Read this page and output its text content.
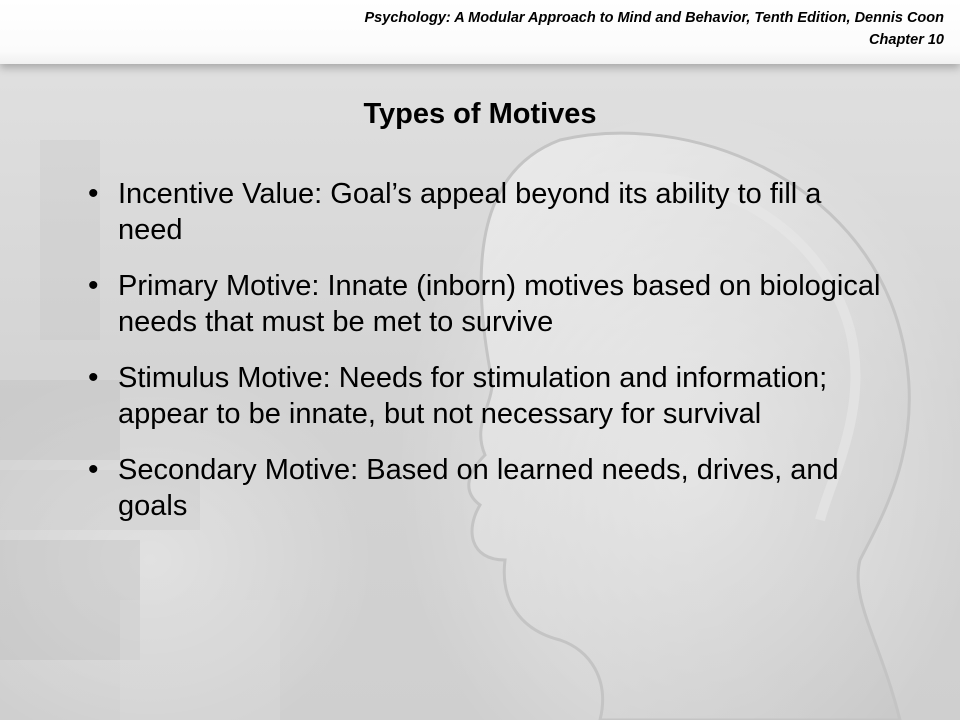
Psychology: A Modular Approach to Mind and Behavior, Tenth Edition, Dennis Coon
Chapter 10
Types of Motives
• Incentive Value: Goal’s appeal beyond its ability to fill a need
• Primary Motive: Innate (inborn) motives based on biological needs that must be met to survive
• Stimulus Motive: Needs for stimulation and information; appear to be innate, but not necessary for survival
• Secondary Motive: Based on learned needs, drives, and goals
